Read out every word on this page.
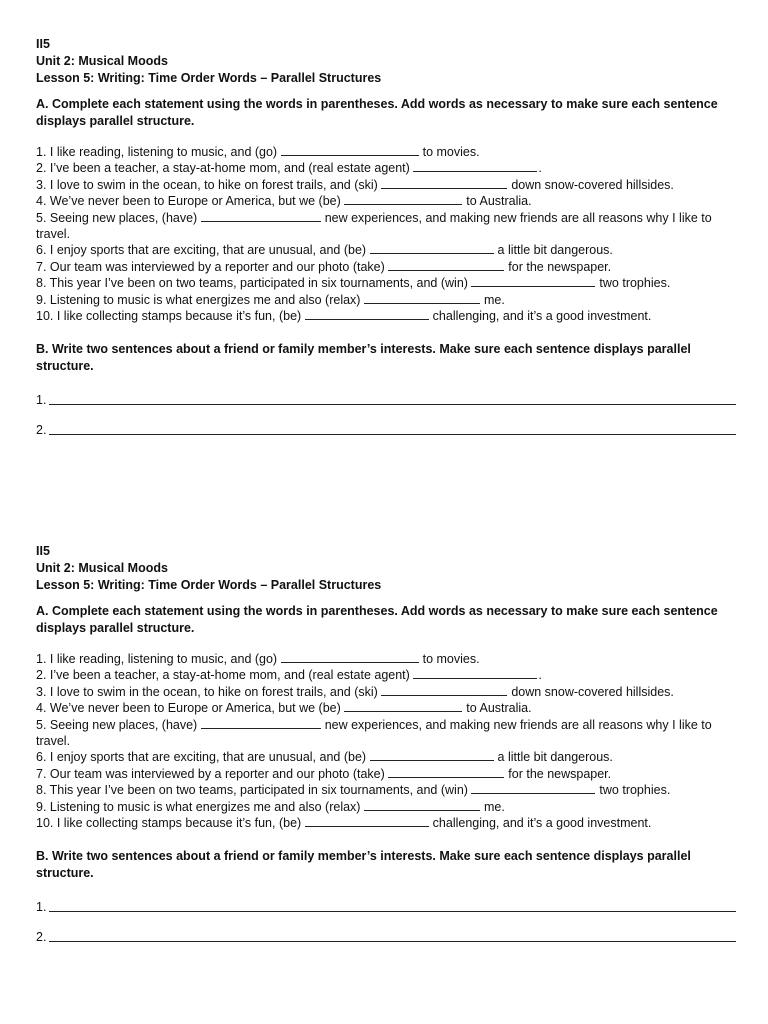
II5
Unit 2: Musical Moods
Lesson 5: Writing: Time Order Words – Parallel Structures
A. Complete each statement using the words in parentheses. Add words as necessary to make sure each sentence displays parallel structure.
1. I like reading, listening to music, and (go)	to movies.
2. I’ve been a teacher, a stay-at-home mom, and (real estate agent)	.
3. I love to swim in the ocean, to hike on forest trails, and (ski)	down snow-covered hillsides.
4. We’ve never been to Europe or America, but we (be)	to Australia.
5. Seeing new places, (have)	new experiences, and making new friends are all reasons why I like to travel.
6. I enjoy sports that are exciting, that are unusual, and (be)	a little bit dangerous.
7. Our team was interviewed by a reporter and our photo (take)	for the newspaper.
8. This year I’ve been on two teams, participated in six tournaments, and (win)	two trophies.
9. Listening to music is what energizes me and also (relax)	me.
10. I like collecting stamps because it’s fun, (be)	challenging, and it’s a good investment.
B. Write two sentences about a friend or family member’s interests. Make sure each sentence displays parallel structure.
1.
2.
II5
Unit 2: Musical Moods
Lesson 5: Writing: Time Order Words – Parallel Structures
A. Complete each statement using the words in parentheses. Add words as necessary to make sure each sentence displays parallel structure.
1. I like reading, listening to music, and (go)	to movies.
2. I’ve been a teacher, a stay-at-home mom, and (real estate agent)	.
3. I love to swim in the ocean, to hike on forest trails, and (ski)	down snow-covered hillsides.
4. We’ve never been to Europe or America, but we (be)	to Australia.
5. Seeing new places, (have)	new experiences, and making new friends are all reasons why I like to travel.
6. I enjoy sports that are exciting, that are unusual, and (be)	a little bit dangerous.
7. Our team was interviewed by a reporter and our photo (take)	for the newspaper.
8. This year I’ve been on two teams, participated in six tournaments, and (win)	two trophies.
9. Listening to music is what energizes me and also (relax)	me.
10. I like collecting stamps because it’s fun, (be)	challenging, and it’s a good investment.
B. Write two sentences about a friend or family member’s interests. Make sure each sentence displays parallel structure.
1.
2.
